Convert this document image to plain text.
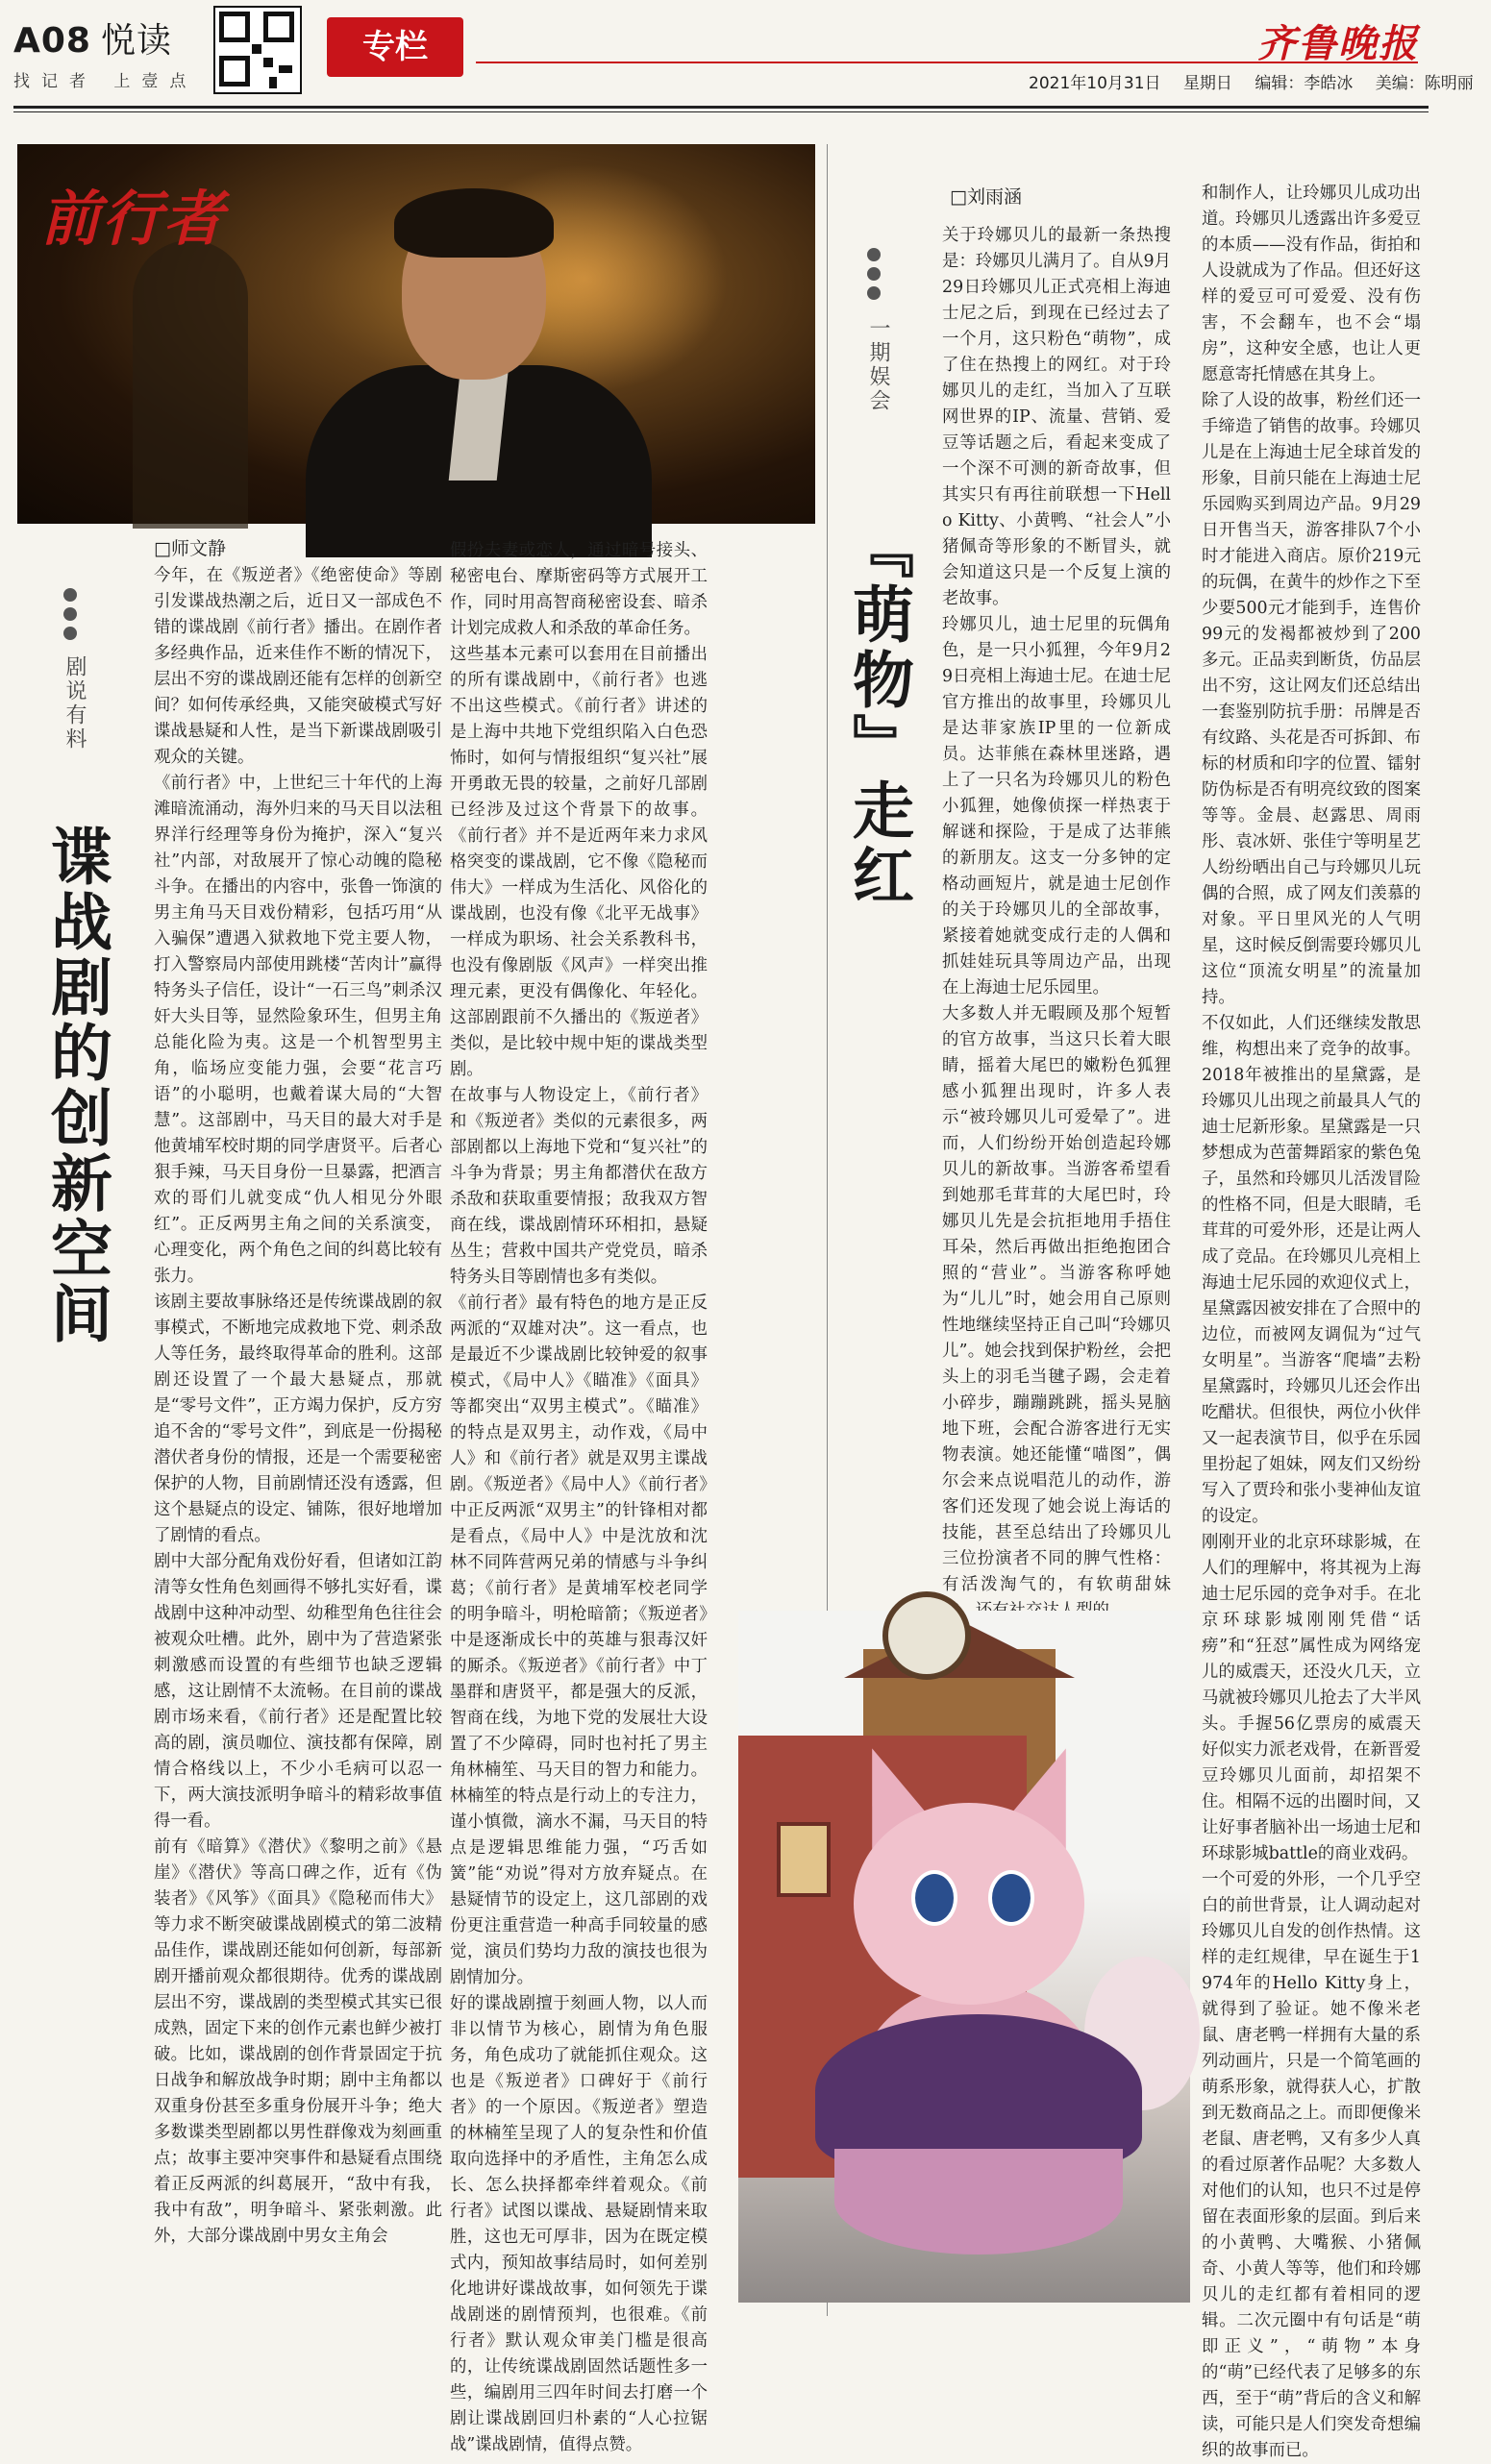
A08 悦读
找记者 上壹点
专栏	齐鲁晚报
2021年10月31日 星期日 编辑：李皓冰 美编：陈明丽
前行者
剧说有料
谍战剧的创新空间
□师文静
今年，在《叛逆者》《绝密使命》等剧引发谍战热潮之后，近日又一部成色不错的谍战剧《前行者》播出。在剧作者多经典作品，近来佳作不断的情况下，层出不穷的谍战剧还能有怎样的创新空间？如何传承经典，又能突破模式写好谍战悬疑和人性，是当下新谍战剧吸引观众的关键。
《前行者》中，上世纪三十年代的上海滩暗流涌动，海外归来的马天目以法租界洋行经理等身份为掩护，深入“复兴社”内部，对敌展开了惊心动魄的隐秘斗争。在播出的内容中，张鲁一饰演的男主角马天目戏份精彩，包括巧用“从入骗保”遭遇入狱救地下党主要人物，打入警察局内部使用跳楼“苦肉计”赢得特务头子信任，设计“一石三鸟”刺杀汉奸大头目等，显然险象环生，但男主角总能化险为夷。这是一个机智型男主角，临场应变能力强，会要“花言巧语”的小聪明，也戴着谋大局的“大智慧”。这部剧中，马天目的最大对手是他黄埔军校时期的同学唐贤平。后者心狠手辣，马天目身份一旦暴露，把酒言欢的哥们儿就变成“仇人相见分外眼红”。正反两男主角之间的关系演变，心理变化，两个角色之间的纠葛比较有张力。
该剧主要故事脉络还是传统谍战剧的叙事模式，不断地完成救地下党、刺杀敌人等任务，最终取得革命的胜利。这部剧还设置了一个最大悬疑点，那就是“零号文件”，正方竭力保护，反方穷追不舍的“零号文件”，到底是一份揭秘潜伏者身份的情报，还是一个需要秘密保护的人物，目前剧情还没有透露，但这个悬疑点的设定、铺陈，很好地增加了剧情的看点。
剧中大部分配角戏份好看，但诸如江韵清等女性角色刻画得不够扎实好看，谍战剧中这种冲动型、幼稚型角色往往会被观众吐槽。此外，剧中为了营造紧张刺激感而设置的有些细节也缺乏逻辑感，这让剧情不太流畅。在目前的谍战剧市场来看，《前行者》还是配置比较高的剧，演员咖位、演技都有保障，剧情合格线以上，不少小毛病可以忍一下，两大演技派明争暗斗的精彩故事值得一看。
前有《暗算》《潜伏》《黎明之前》《悬崖》《潜伏》等高口碑之作，近有《伪装者》《风筝》《面具》《隐秘而伟大》等力求不断突破谍战剧模式的第二波精品佳作，谍战剧还能如何创新，每部新剧开播前观众都很期待。优秀的谍战剧层出不穷，谍战剧的类型模式其实已很成熟，固定下来的创作元素也鲜少被打破。比如，谍战剧的创作背景固定于抗日战争和解放战争时期；剧中主角都以双重身份甚至多重身份展开斗争；绝大多数谍类型剧都以男性群像戏为刻画重点；故事主要冲突事件和悬疑看点围绕着正反两派的纠葛展开，“敌中有我，我中有敌”，明争暗斗、紧张刺激。此外，大部分谍战剧中男女主角会
假扮夫妻或恋人，通过暗号接头、秘密电台、摩斯密码等方式展开工作，同时用高智商秘密设套、暗杀计划完成救人和杀敌的革命任务。
这些基本元素可以套用在目前播出的所有谍战剧中，《前行者》也逃不出这些模式。《前行者》讲述的是上海中共地下党组织陷入白色恐怖时，如何与情报组织“复兴社”展开勇敢无畏的较量，之前好几部剧已经涉及过这个背景下的故事。《前行者》并不是近两年来力求风格突变的谍战剧，它不像《隐秘而伟大》一样成为生活化、风俗化的谍战剧，也没有像《北平无战事》一样成为职场、社会关系教科书，也没有像剧版《风声》一样突出推理元素，更没有偶像化、年轻化。这部剧跟前不久播出的《叛逆者》类似，是比较中规中矩的谍战类型剧。
在故事与人物设定上，《前行者》和《叛逆者》类似的元素很多，两部剧都以上海地下党和“复兴社”的斗争为背景；男主角都潜伏在敌方杀敌和获取重要情报；敌我双方智商在线，谍战剧情环环相扣，悬疑丛生；营救中国共产党党员，暗杀特务头目等剧情也多有类似。
《前行者》最有特色的地方是正反两派的“双雄对决”。这一看点，也是最近不少谍战剧比较钟爱的叙事模式，《局中人》《瞄准》《面具》等都突出“双男主模式”。《瞄准》的特点是双男主，动作戏，《局中人》和《前行者》就是双男主谍战剧。《叛逆者》《局中人》《前行者》中正反两派“双男主”的针锋相对都是看点，《局中人》中是沈放和沈林不同阵营两兄弟的情感与斗争纠葛；《前行者》是黄埔军校老同学的明争暗斗，明枪暗箭；《叛逆者》中是逐渐成长中的英雄与狠毒汉奸的厮杀。《叛逆者》《前行者》中丁墨群和唐贤平，都是强大的反派，智商在线，为地下党的发展壮大设置了不少障碍，同时也衬托了男主角林楠笙、马天目的智力和能力。林楠笙的特点是行动上的专注力，谨小慎微，滴水不漏，马天目的特点是逻辑思维能力强，“巧舌如簧”能“劝说”得对方放弃疑点。在悬疑情节的设定上，这几部剧的戏份更注重营造一种高手同较量的感觉，演员们势均力敌的演技也很为剧情加分。
好的谍战剧擅于刻画人物，以人而非以情节为核心，剧情为角色服务，角色成功了就能抓住观众。这也是《叛逆者》口碑好于《前行者》的一个原因。《叛逆者》塑造的林楠笙呈现了人的复杂性和价值取向选择中的矛盾性，主角怎么成长、怎么抉择都牵绊着观众。《前行者》试图以谍战、悬疑剧情来取胜，这也无可厚非，因为在既定模式内，预知故事结局时，如何差别化地讲好谍战故事，如何领先于谍战剧迷的剧情预判，也很难。《前行者》默认观众审美门槛是很高的，让传统谍战剧固然话题性多一些，编剧用三四年时间去打磨一个剧让谍战剧回归朴素的“人心拉锯战”谍战剧情，值得点赞。
一期娱会
『萌物』走红
□刘雨涵
关于玲娜贝儿的最新一条热搜是：玲娜贝儿满月了。自从9月29日玲娜贝儿正式亮相上海迪士尼之后，到现在已经过去了一个月，这只粉色“萌物”，成了住在热搜上的网红。对于玲娜贝儿的走红，当加入了互联网世界的IP、流量、营销、爱豆等话题之后，看起来变成了一个深不可测的新奇故事，但其实只有再往前联想一下Hello Kitty、小黄鸭、“社会人”小猪佩奇等形象的不断冒头，就会知道这只是一个反复上演的老故事。
玲娜贝儿，迪士尼里的玩偶角色，是一只小狐狸，今年9月29日亮相上海迪士尼。在迪士尼官方推出的故事里，玲娜贝儿是达菲家族IP里的一位新成员。达菲熊在森林里迷路，遇上了一只名为玲娜贝儿的粉色小狐狸，她像侦探一样热衷于解谜和探险，于是成了达菲熊的新朋友。这支一分多钟的定格动画短片，就是迪士尼创作的关于玲娜贝儿的全部故事，紧接着她就变成行走的人偶和抓娃娃玩具等周边产品，出现在上海迪士尼乐园里。
大多数人并无暇顾及那个短暂的官方故事，当这只长着大眼睛，摇着大尾巴的嫩粉色狐狸感小狐狸出现时，许多人表示“被玲娜贝儿可爱晕了”。进而，人们纷纷开始创造起玲娜贝儿的新故事。当游客希望看到她那毛茸茸的大尾巴时，玲娜贝儿先是会抗拒地用手捂住耳朵，然后再做出拒绝抱团合照的“营业”。当游客称呼她为“儿儿”时，她会用自己原则性地继续坚持正自己叫“玲娜贝儿”。她会找到保护粉丝，会把头上的羽毛当毽子踢，会走着小碎步，蹦蹦跳跳，摇头晃脑地下班，会配合游客进行无实物表演。她还能懂“喵图”，偶尔会来点说唱范儿的动作，游客们还发现了她会说上海话的技能，甚至总结出了玲娜贝儿三位扮演者不同的脾气性格：有活泼淘气的，有软萌甜妹

和制作人，让玲娜贝儿成功出道。玲娜贝儿透露出许多爱豆的本质——没有作品，街拍和人设就成为了作品。但还好这样的爱豆可可爱爱、没有伤害，不会翻车，也不会“塌房”，这种安全感，也让人更愿意寄托情感在其身上。
除了人设的故事，粉丝们还一手缔造了销售的故事。玲娜贝儿是在上海迪士尼全球首发的形象，目前只能在上海迪士尼乐园购买到周边产品。9月29日开售当天，游客排队7个小时才能进入商店。原价219元的玩偶，在黄牛的炒作之下至少要500元才能到手，连售价99元的发褐都被炒到了200多元。正品卖到断货，仿品层出不穷，这让网友们还总结出一套鉴别防抗手册：吊牌是否有纹路、头花是否可拆卸、布标的材质和印字的位置、镭射防伪标是否有明亮纹致的图案等等。金晨、赵露思、周雨彤、袁冰妍、张佳宁等明星艺人纷纷晒出自己与玲娜贝儿玩偶的合照，成了网友们羡慕的对象。平日里风光的人气明星，这时候反倒需要玲娜贝儿这位“顶流女明星”的流量加持。
不仅如此，人们还继续发散思维，构想出来了竞争的故事。2018年被推出的星黛露，是玲娜贝儿出现之前最具人气的迪士尼新形象。星黛露是一只梦想成为芭蕾舞蹈家的紫色兔子，虽然和玲娜贝儿活泼冒险的性格不同，但是大眼睛，毛茸茸的可爱外形，还是让两人成了竞品。在玲娜贝儿亮相上海迪士尼乐园的欢迎仪式上，星黛露因被安排在了合照中的边位，而被网友调侃为“过气女明星”。当游客“爬墙”去粉星黛露时，玲娜贝儿还会作出吃醋状。但很快，两位小伙伴又一起表演节目，似乎在乐园里扮起了姐妹，网友们又纷纷写入了贾玲和张小斐神仙友谊的设定。
刚刚开业的北京环球影城，在人们的理解中，将其视为上海迪士尼乐园的竞争对手。在北京环球影城刚刚凭借“话痨”和“狂怼”属性成为网络宠儿的威震天，还没火几天，立马就被玲娜贝儿抢去了大半风头。手握56亿票房的威震天好似实力派老戏骨，在新晋爱豆玲娜贝儿面前，却招架不住。相隔不远的出圈时间，又让好事者脑补出一场迪士尼和环球影城battle的商业戏码。
一个可爱的外形，一个几乎空白的前世背景，让人调动起对玲娜贝儿自发的创作热情。这样的走红规律，早在诞生于1974年的Hello Kitty身上，就得到了验证。她不像米老鼠、唐老鸭一样拥有大量的系列动画片，只是一个简笔画的萌系形象，就得获人心，扩散到无数商品之上。而即便像米老鼠、唐老鸭，又有多少人真的看过原著作品呢？大多数人对他们的认知，也只不过是停留在表面形象的层面。到后来的小黄鸭、大嘴猴、小猪佩奇、小黄人等等，他们和玲娜贝儿的走红都有着相同的逻辑。二次元圈中有句话是“萌即正义”，“萌物”本身的“萌”已经代表了足够多的东西，至于“萌”背后的含义和解读，可能只是人们突发奇想编织的故事而已。
